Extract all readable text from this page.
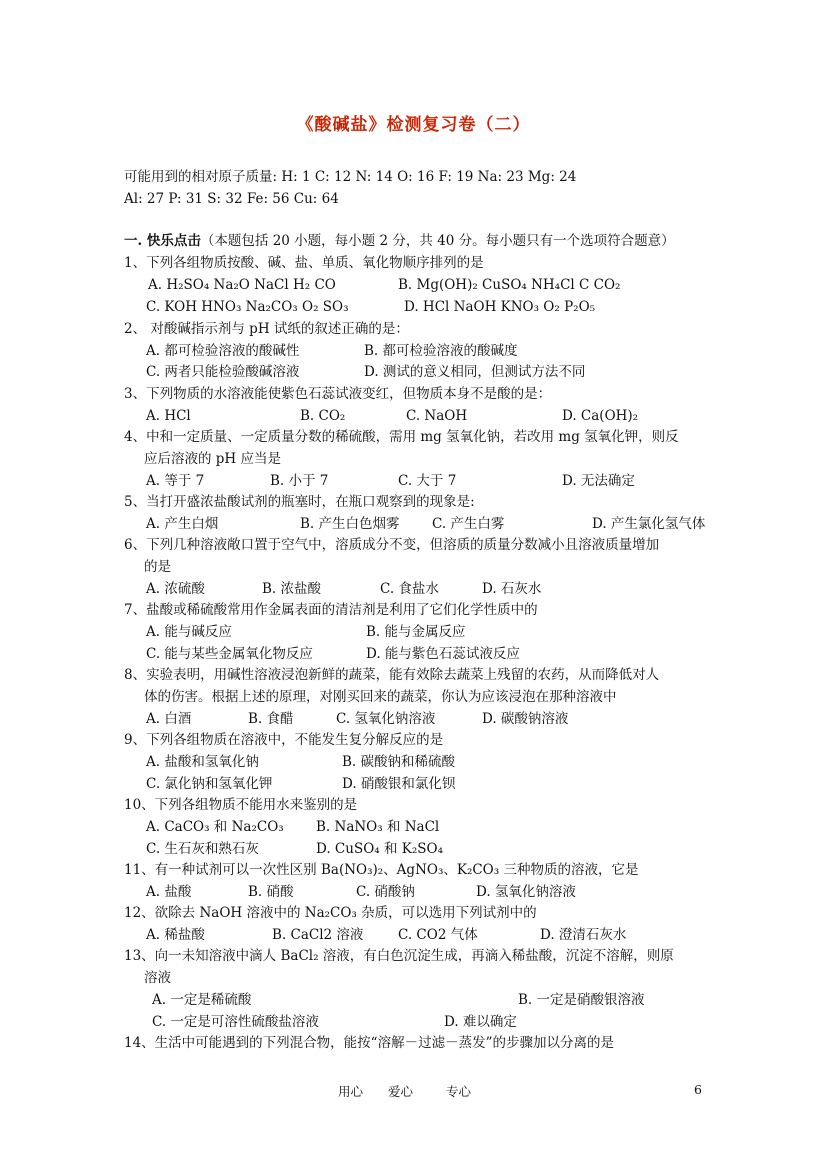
《酸碱盐》检测复习卷（二）
可能用到的相对原子质量: H: 1 C: 12 N: 14 O: 16 F: 19 Na: 23 Mg: 24
Al: 27 P: 31 S: 32 Fe: 56 Cu: 64
一. 快乐点击（本题包括 20 小题，每小题 2 分，共 40 分。每小题只有一个选项符合题意）
1、下列各组物质按酸、碱、盐、单质、氧化物顺序排列的是
A. H₂SO₄ Na₂O NaCl H₂ CO	B. Mg(OH)₂ CuSO₄ NH₄Cl C CO₂
C. KOH HNO₃ Na₂CO₃ O₂ SO₃	D. HCl NaOH KNO₃ O₂ P₂O₅
2、 对酸碱指示剂与 pH 试纸的叙述正确的是：
A. 都可检验溶液的酸碱性	B. 都可检验溶液的酸碱度
C. 两者只能检验酸碱溶液	D. 测试的意义相同，但测试方法不同
3、下列物质的水溶液能使紫色石蕊试液变红，但物质本身不是酸的是：
A. HCl	B. CO₂	C. NaOH	D. Ca(OH)₂
4、中和一定质量、一定质量分数的稀硫酸，需用 mg 氢氧化钠，若改用 mg 氢氧化钾，则反
应后溶液的 pH 应当是
A. 等于 7	B. 小于 7	C. 大于 7	D. 无法确定
5、当打开盛浓盐酸试剂的瓶塞时，在瓶口观察到的现象是:
A. 产生白烟	B. 产生白色烟雾 C. 产生白雾	D. 产生氯化氢气体
6、下列几种溶液敞口置于空气中，溶质成分不变，但溶质的质量分数减小且溶液质量增加
的是
A. 浓硫酸	B. 浓盐酸	C. 食盐水	D. 石灰水
7、盐酸或稀硫酸常用作金属表面的清洁剂是利用了它们化学性质中的
A. 能与碱反应	B. 能与金属反应
C. 能与某些金属氧化物反应	D. 能与紫色石蕊试液反应
8、实验表明，用碱性溶液浸泡新鲜的蔬菜，能有效除去蔬菜上残留的农药，从而降低对人
体的伤害。根据上述的原理，对刚买回来的蔬菜，你认为应该浸泡在那种溶液中
A. 白酒	B. 食醋	C. 氢氧化钠溶液	D. 碳酸钠溶液
9、下列各组物质在溶液中，不能发生复分解反应的是
A. 盐酸和氢氧化钠	B. 碳酸钠和稀硫酸
C. 氯化钠和氢氧化钾	D. 硝酸银和氯化钡
10、下列各组物质不能用水来鉴别的是
A. CaCO₃ 和 Na₂CO₃ B. NaNO₃ 和 NaCl
C. 生石灰和熟石灰	D. CuSO₄ 和 K₂SO₄
11、有一种试剂可以一次性区别 Ba(NO₃)₂、AgNO₃、K₂CO₃ 三种物质的溶液，它是
A. 盐酸	B. 硝酸	C. 硝酸钠	D. 氢氧化钠溶液
12、欲除去 NaOH 溶液中的 Na₂CO₃ 杂质，可以选用下列试剂中的
A. 稀盐酸	B. CaCl2 溶液	C. CO2 气体	D. 澄清石灰水
13、向一未知溶液中滴人 BaCl₂ 溶液，有白色沉淀生成，再滴入稀盐酸，沉淀不溶解，则原
溶液
A. 一定是稀硫酸	B. 一定是硝酸银溶液
C. 一定是可溶性硫酸盐溶液	D. 难以确定
14、生活中可能遇到的下列混合物，能按“溶解－过滤－蒸发”的步骤加以分离的是
用心 爱心	专心	6
